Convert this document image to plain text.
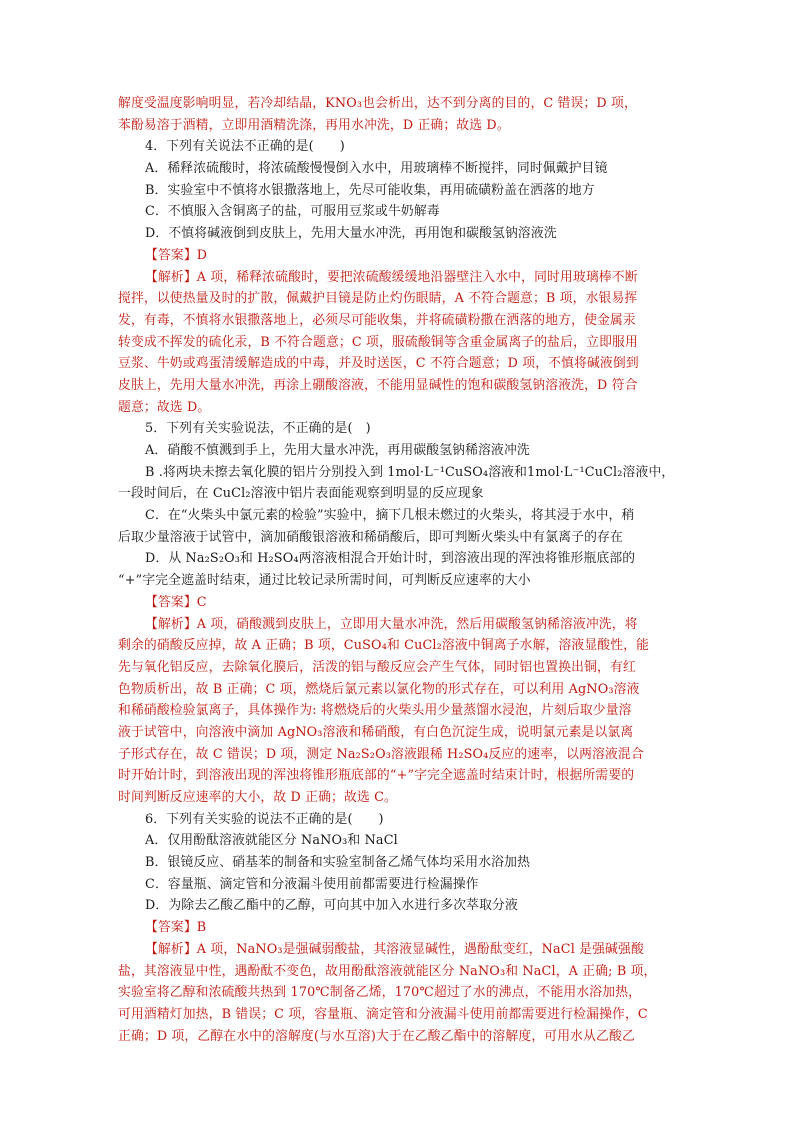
解度受温度影响明显，若冷却结晶，KNO₃也会析出，达不到分离的目的，C 错误；D 项，
苯酚易溶于酒精，立即用酒精洗涤，再用水冲洗，D 正确；故选 D。
4．下列有关说法不正确的是(　　)
A．稀释浓硫酸时，将浓硫酸慢慢倒入水中，用玻璃棒不断搅拌，同时佩戴护目镜
B．实验室中不慎将水银撒落地上，先尽可能收集，再用硫磺粉盖在洒落的地方
C．不慎服入含铜离子的盐，可服用豆浆或牛奶解毒
D．不慎将碱液倒到皮肤上，先用大量水冲洗，再用饱和碳酸氢钠溶液洗
【答案】D
【解析】A 项，稀释浓硫酸时，要把浓硫酸缓缓地沿器壁注入水中，同时用玻璃棒不断
搅拌，以使热量及时的扩散，佩戴护目镜是防止灼伤眼睛，A 不符合题意；B 项，水银易挥
发，有毒，不慎将水银撒落地上，必须尽可能收集，并将硫磺粉撒在洒落的地方，使金属汞
转变成不挥发的硫化汞，B 不符合题意；C 项，服硫酸铜等含重金属离子的盐后，立即服用
豆浆、牛奶或鸡蛋清缓解造成的中毒，并及时送医，C 不符合题意；D 项，不慎将碱液倒到
皮肤上，先用大量水冲洗，再涂上硼酸溶液，不能用显碱性的饱和碳酸氢钠溶液洗，D 符合
题意；故选 D。
5．下列有关实验说法，不正确的是(　)
A．硝酸不慎溅到手上，先用大量水冲洗，再用碳酸氢钠稀溶液冲洗
B .将两块未擦去氧化膜的铝片分别投入到 1mol·L⁻¹CuSO₄溶液和1mol·L⁻¹CuCl₂溶液中，
一段时间后，在 CuCl₂溶液中铝片表面能观察到明显的反应现象
C．在“火柴头中氯元素的检验”实验中，摘下几根未燃过的火柴头，将其浸于水中，稍
后取少量溶液于试管中，滴加硝酸银溶液和稀硝酸后，即可判断火柴头中有氯离子的存在
D．从 Na₂S₂O₃和 H₂SO₄两溶液相混合开始计时，到溶液出现的浑浊将锥形瓶底部的
“+”字完全遮盖时结束，通过比较记录所需时间，可判断反应速率的大小
【答案】C
【解析】A 项，硝酸溅到皮肤上，立即用大量水冲洗，然后用碳酸氢钠稀溶液冲洗，将
剩余的硝酸反应掉，故 A 正确；B 项，CuSO₄和 CuCl₂溶液中铜离子水解，溶液显酸性，能
先与氧化铝反应，去除氧化膜后，活泼的铝与酸反应会产生气体，同时铝也置换出铜，有红
色物质析出，故 B 正确；C 项，燃烧后氯元素以氯化物的形式存在，可以利用 AgNO₃溶液
和稀硝酸检验氯离子，具体操作为: 将燃烧后的火柴头用少量蒸馏水浸泡，片刻后取少量溶
液于试管中，向溶液中滴加 AgNO₃溶液和稀硝酸，有白色沉淀生成，说明氯元素是以氯离
子形式存在，故 C 错误；D 项，测定 Na₂S₂O₃溶液跟稀 H₂SO₄反应的速率，以两溶液混合
时开始计时，到溶液出现的浑浊将锥形瓶底部的“+”字完全遮盖时结束计时，根据所需要的
时间判断反应速率的大小，故 D 正确；故选 C。
6．下列有关实验的说法不正确的是(　　)
A．仅用酚酞溶液就能区分 NaNO₃和 NaCl
B．银镜反应、硝基苯的制备和实验室制备乙烯气体均采用水浴加热
C．容量瓶、滴定管和分液漏斗使用前都需要进行检漏操作
D．为除去乙酸乙酯中的乙醇，可向其中加入水进行多次萃取分液
【答案】B
【解析】A 项，NaNO₃是强碱弱酸盐，其溶液显碱性，遇酚酞变红，NaCl 是强碱强酸
盐，其溶液显中性，遇酚酞不变色，故用酚酞溶液就能区分 NaNO₃和 NaCl，A 正确; B 项，
实验室将乙醇和浓硫酸共热到 170℃制备乙烯，170℃超过了水的沸点，不能用水浴加热，
可用酒精灯加热，B 错误；C 项，容量瓶、滴定管和分液漏斗使用前都需要进行检漏操作，C
正确；D 项，乙醇在水中的溶解度(与水互溶)大于在乙酸乙酯中的溶解度，可用水从乙酸乙
